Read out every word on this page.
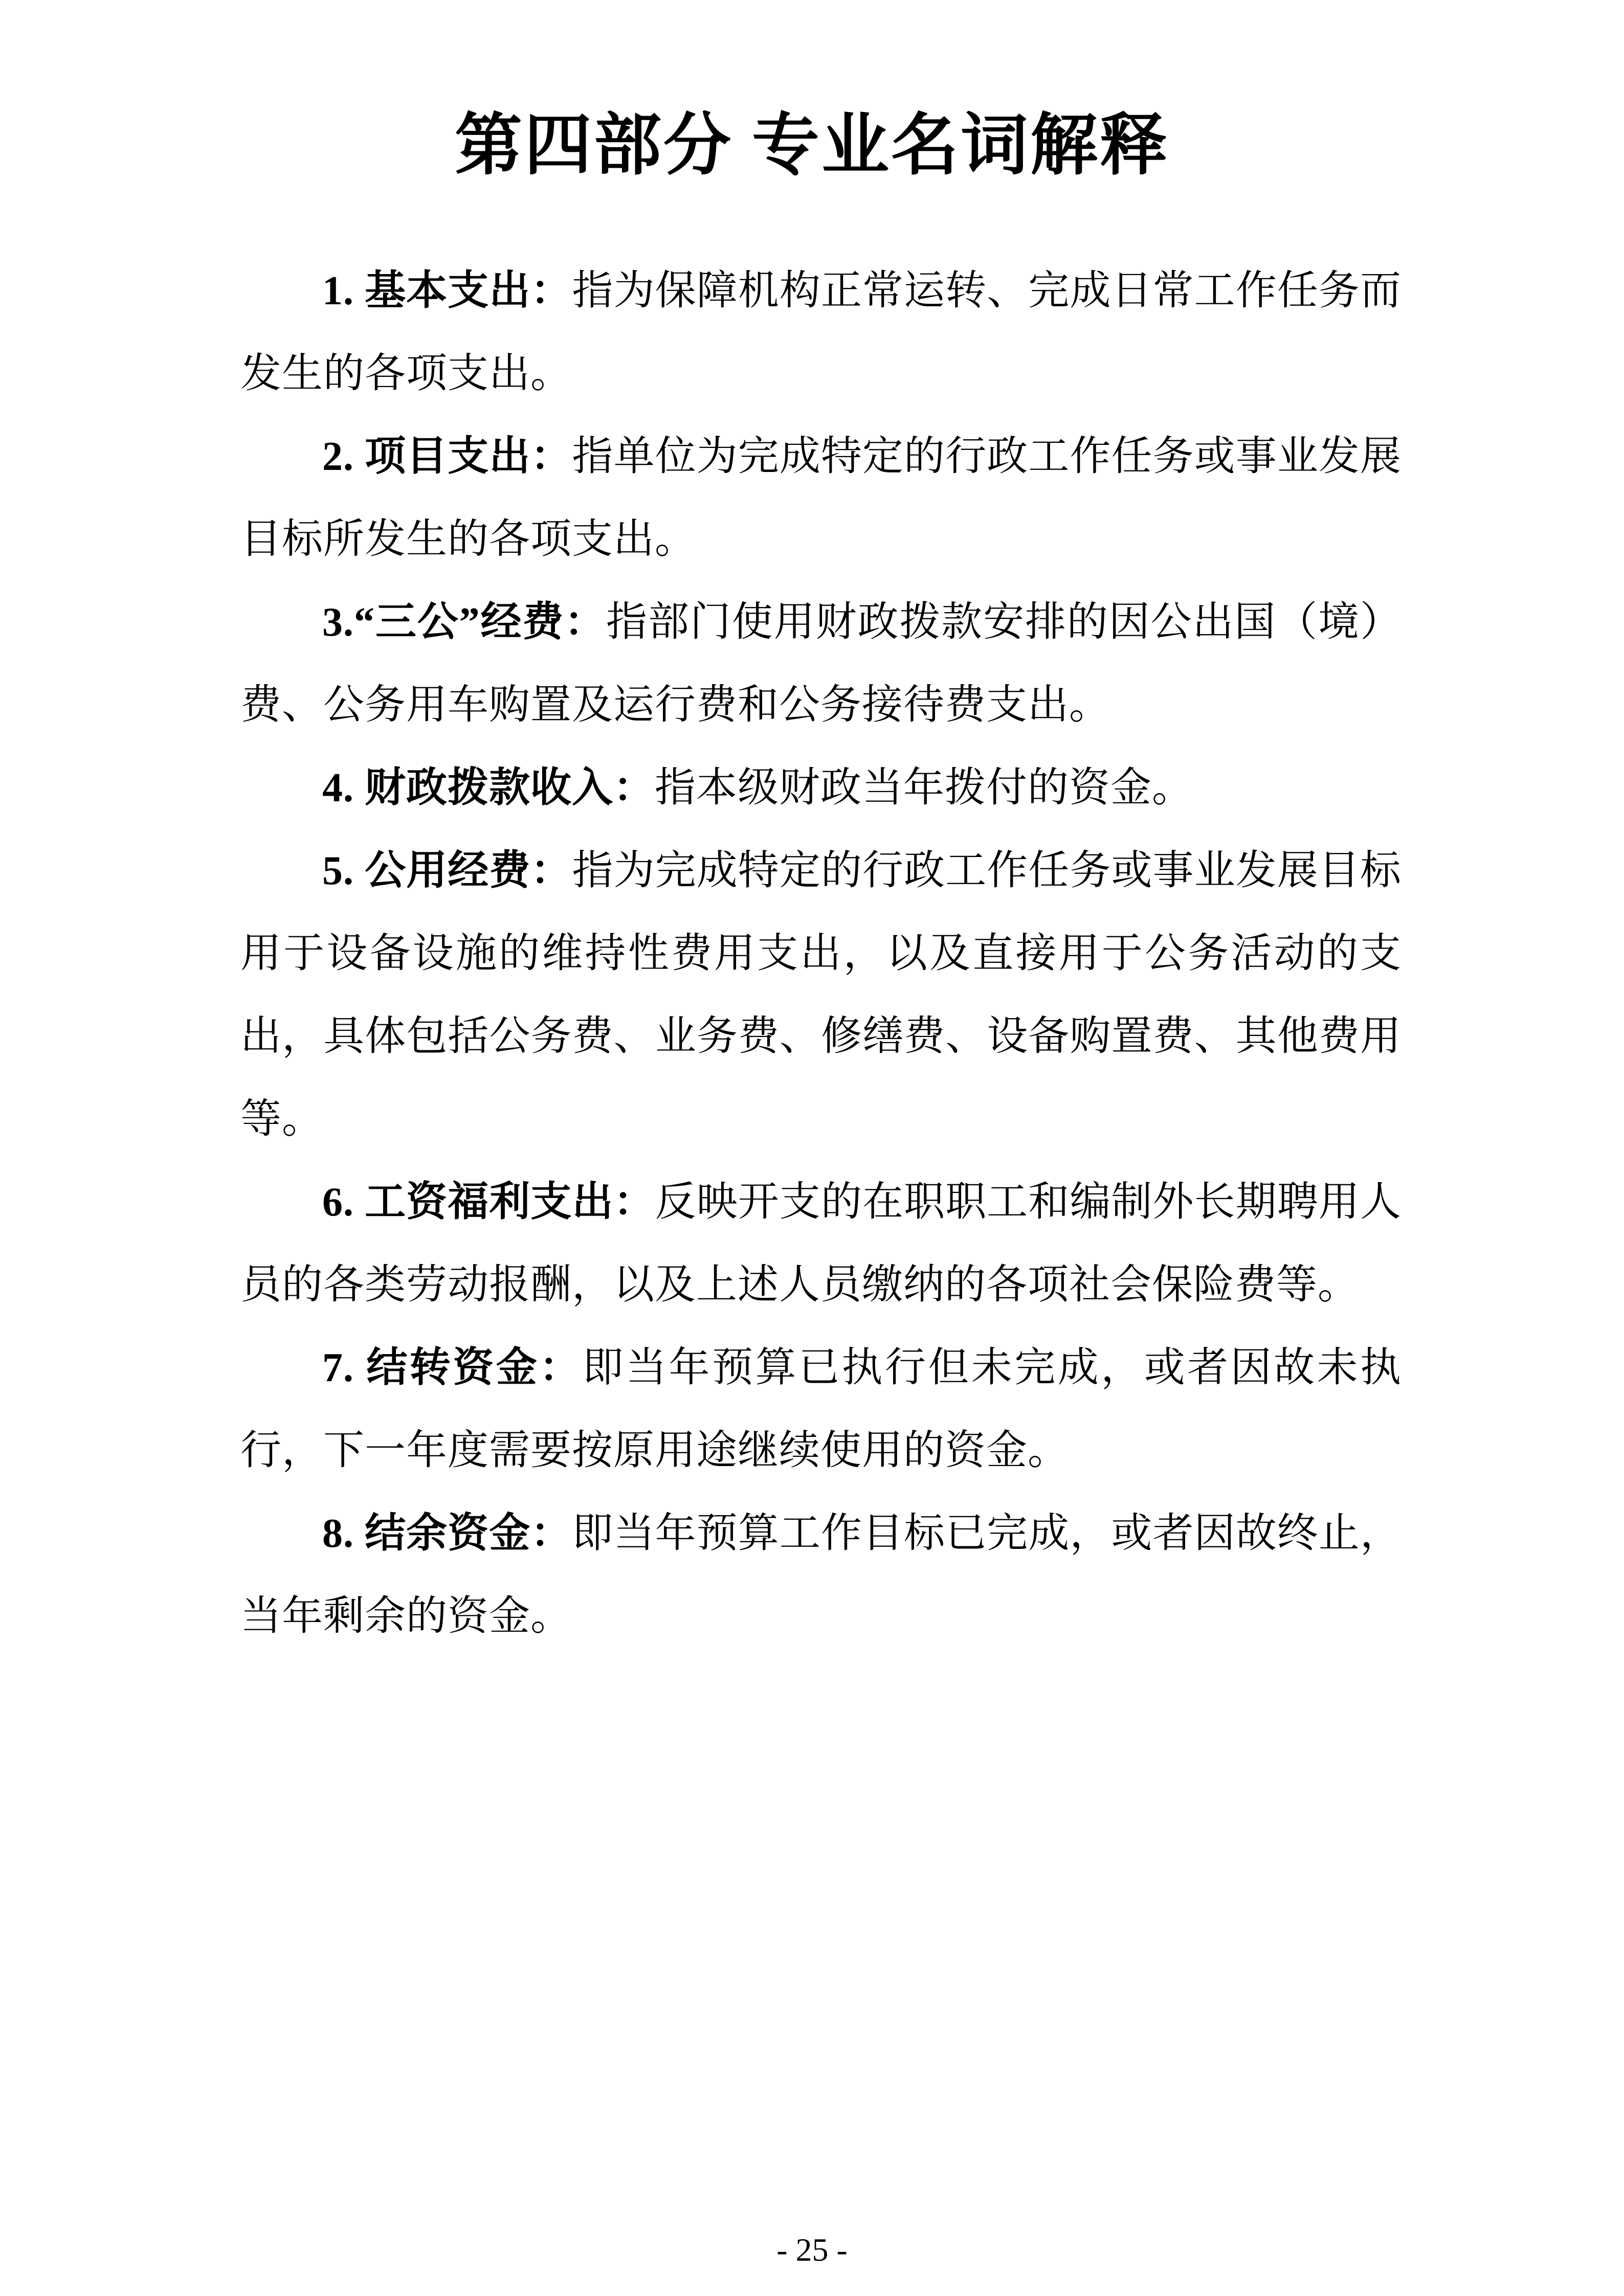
第四部分 专业名词解释

1. 基本支出：指为保障机构正常运转、完成日常工作任务而发生的各项支出。

2. 项目支出：指单位为完成特定的行政工作任务或事业发展目标所发生的各项支出。

3.“三公”经费：指部门使用财政拨款安排的因公出国（境）费、公务用车购置及运行费和公务接待费支出。

4. 财政拨款收入：指本级财政当年拨付的资金。

5. 公用经费：指为完成特定的行政工作任务或事业发展目标用于设备设施的维持性费用支出，以及直接用于公务活动的支出，具体包括公务费、业务费、修缮费、设备购置费、其他费用等。

6. 工资福利支出：反映开支的在职职工和编制外长期聘用人员的各类劳动报酬，以及上述人员缴纳的各项社会保险费等。

7. 结转资金：即当年预算已执行但未完成，或者因故未执行，下一年度需要按原用途继续使用的资金。

8. 结余资金：即当年预算工作目标已完成，或者因故终止，当年剩余的资金。

- 25 -
